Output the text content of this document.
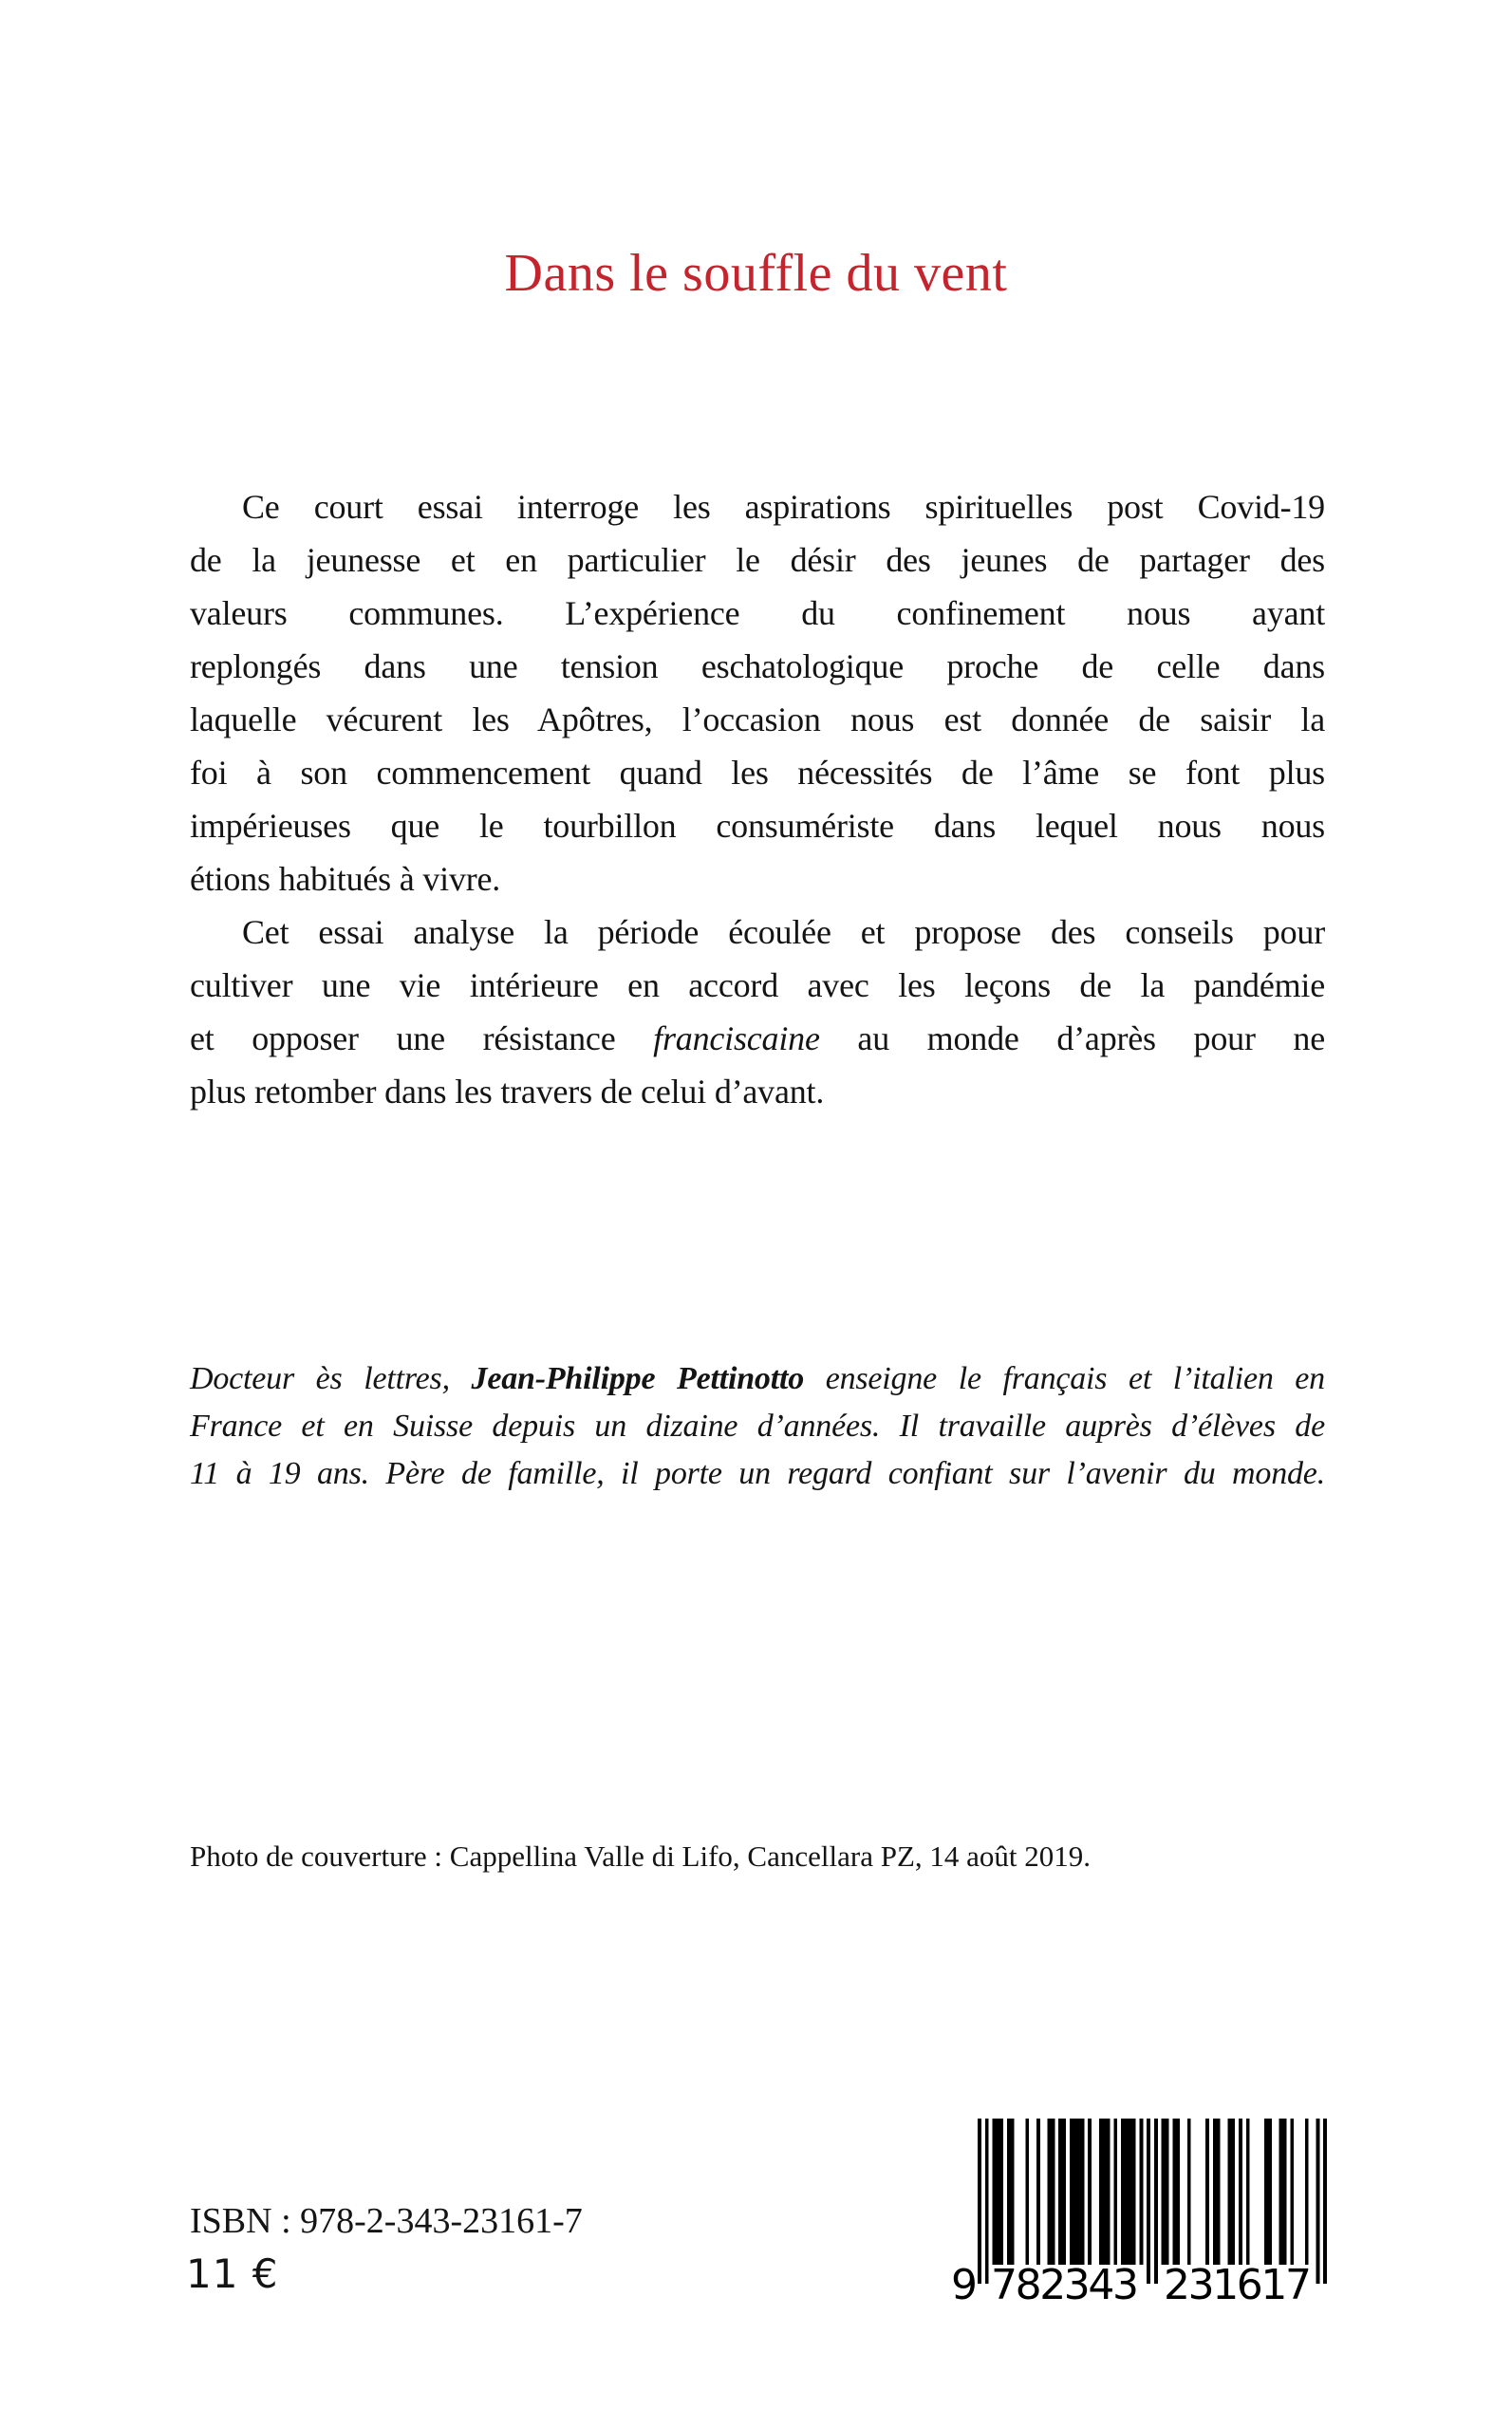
Dans le souffle du vent
Ce court essai interroge les aspirations spirituelles post Covid-19
de la jeunesse et en particulier le désir des jeunes de partager des
valeurs communes. L’expérience du confinement nous ayant
replongés dans une tension eschatologique proche de celle dans
laquelle vécurent les Apôtres, l’occasion nous est donnée de saisir la
foi à son commencement quand les nécessités de l’âme se font plus
impérieuses que le tourbillon consumériste dans lequel nous nous
étions habitués à vivre.
Cet essai analyse la période écoulée et propose des conseils pour
cultiver une vie intérieure en accord avec les leçons de la pandémie
et opposer une résistance franciscaine au monde d’après pour ne
plus retomber dans les travers de celui d’avant.
Docteur ès lettres, Jean-Philippe Pettinotto enseigne le français et l’italien en
France et en Suisse depuis un dizaine d’années. Il travaille auprès d’élèves de
11 à 19 ans. Père de famille, il porte un regard confiant sur l’avenir du monde.

Photo de couverture : Cappellina Valle di Lifo, Cancellara PZ, 14 août 2019.

ISBN : 978-2-343-23161-7

11 €	9 782343 231617
